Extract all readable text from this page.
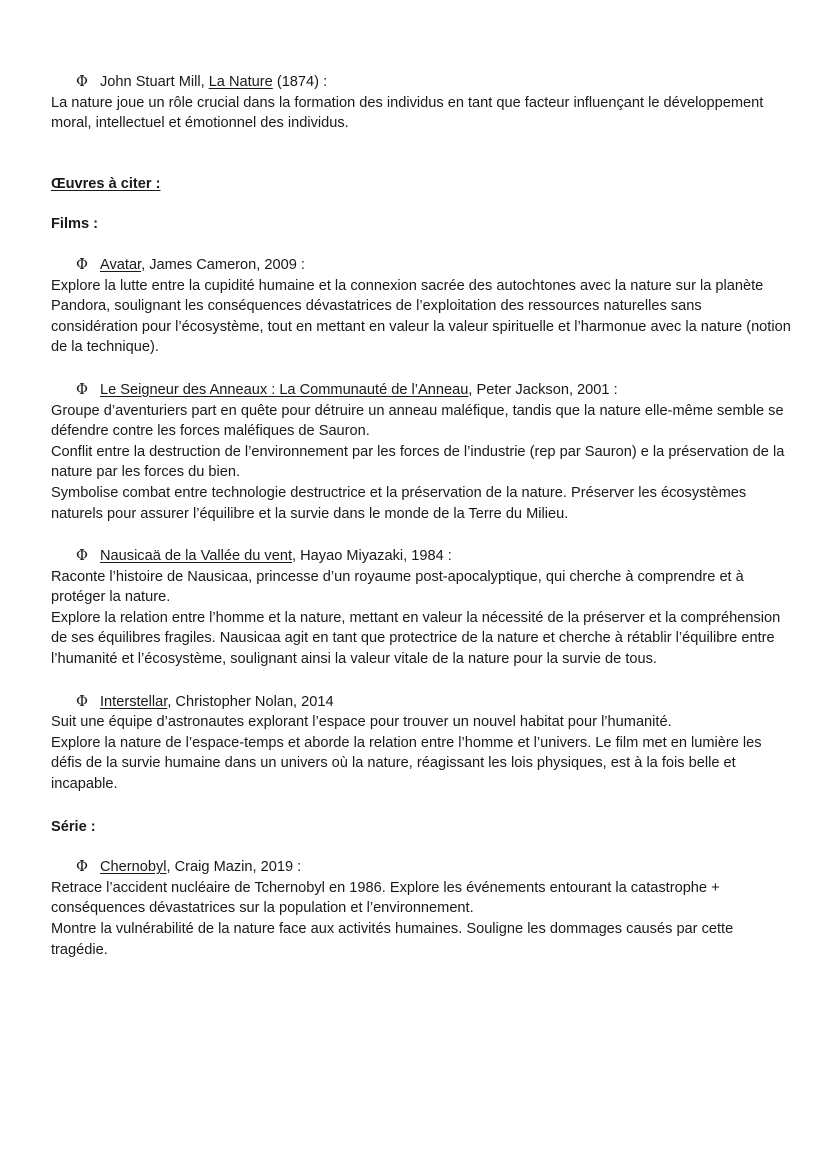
Φ John Stuart Mill, La Nature (1874) :

La nature joue un rôle crucial dans la formation des individus en tant que facteur influençant le développement moral, intellectuel et émotionnel des individus.

Œuvres à citer :

Films :

Φ Avatar, James Cameron, 2009 :

Explore la lutte entre la cupidité humaine et la connexion sacrée des autochtones avec la nature sur la planète Pandora, soulignant les conséquences dévastatrices de l’exploitation des ressources naturelles sans considération pour l’écosystème, tout en mettant en valeur la valeur spirituelle et l’harmonue avec la nature (notion de la technique).

Φ Le Seigneur des Anneaux : La Communauté de l’Anneau, Peter Jackson, 2001 :

Groupe d’aventuriers part en quête pour détruire un anneau maléfique, tandis que la nature elle-même semble se défendre contre les forces maléfiques de Sauron.

Conflit entre la destruction de l’environnement par les forces de l’industrie (rep par Sauron) e la préservation de la nature par les forces du bien.

Symbolise combat entre technologie destructrice et la préservation de la nature. Préserver les écosystèmes naturels pour assurer l’équilibre et la survie dans le monde de la Terre du Milieu.

Φ Nausicaä de la Vallée du vent, Hayao Miyazaki, 1984 :

Raconte l’histoire de Nausicaa, princesse d’un royaume post-apocalyptique, qui cherche à comprendre et à protéger la nature.

Explore la relation entre l’homme et la nature, mettant en valeur la nécessité de la préserver et la compréhension de ses équilibres fragiles. Nausicaa agit en tant que protectrice de la nature et cherche à rétablir l’équilibre entre l’humanité et l’écosystème, soulignant ainsi la valeur vitale de la nature pour la survie de tous.

Φ Interstellar, Christopher Nolan, 2014

Suit une équipe d’astronautes explorant l’espace pour trouver un nouvel habitat pour l’humanité.

Explore la nature de l’espace-temps et aborde la relation entre l’homme et l’univers. Le film met en lumière les défis de la survie humaine dans un univers où la nature, réagissant les lois physiques, est à la fois belle et incapable.

Série :

Φ Chernobyl, Craig Mazin, 2019 :

Retrace l’accident nucléaire de Tchernobyl en 1986. Explore les événements entourant la catastrophe + conséquences dévastatrices sur la population et l’environnement.

Montre la vulnérabilité de la nature face aux activités humaines. Souligne les dommages causés par cette tragédie.
